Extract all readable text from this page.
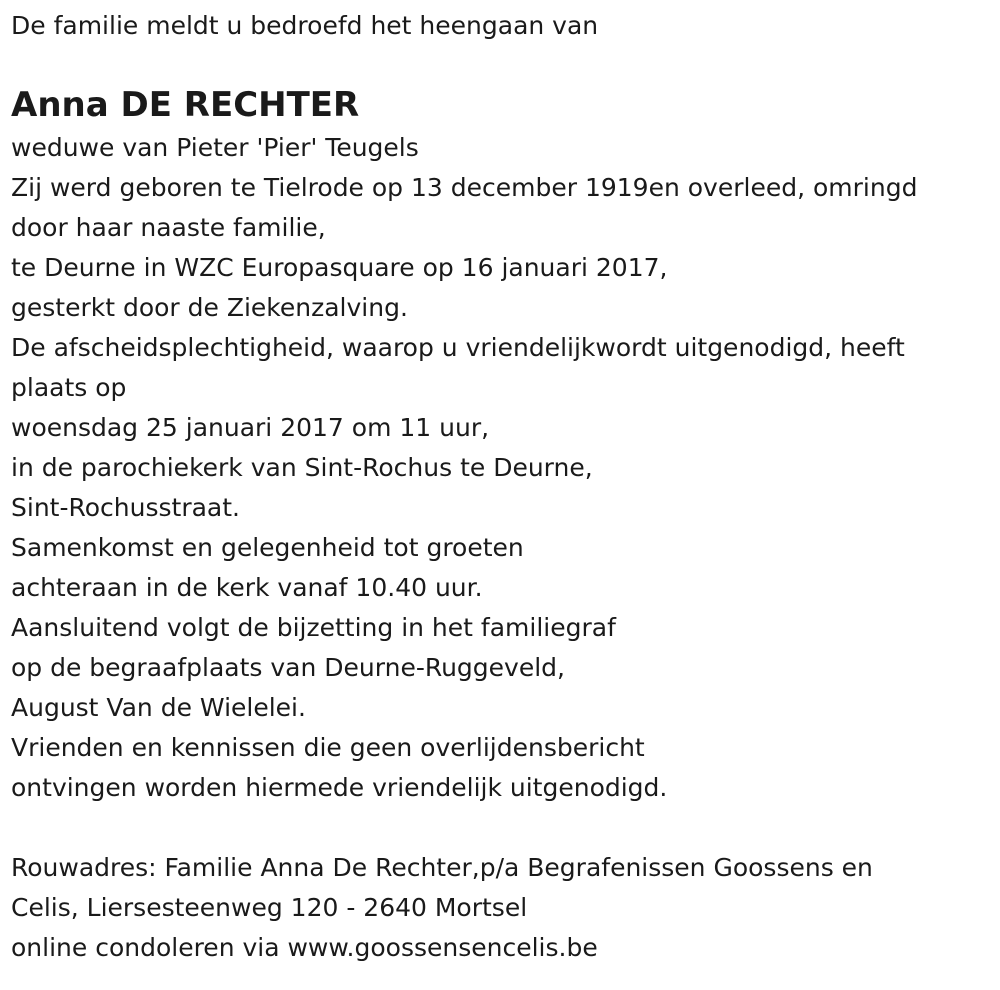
De familie meldt u bedroefd het heengaan van

Anna DE RECHTER
weduwe van Pieter 'Pier' Teugels
Zij werd geboren te Tielrode op 13 december 1919en overleed, omringd
door haar naaste familie,
te Deurne in WZC Europasquare op 16 januari 2017,
gesterkt door de Ziekenzalving.
De afscheidsplechtigheid, waarop u vriendelijkwordt uitgenodigd, heeft
plaats op
woensdag 25 januari 2017 om 11 uur,
in de parochiekerk van Sint-Rochus te Deurne,
Sint-Rochusstraat.
Samenkomst en gelegenheid tot groeten
achteraan in de kerk vanaf 10.40 uur.
Aansluitend volgt de bijzetting in het familiegraf
op de begraafplaats van Deurne-Ruggeveld,
August Van de Wielelei.
Vrienden en kennissen die geen overlijdensbericht
ontvingen worden hiermede vriendelijk uitgenodigd.
Rouwadres: Familie Anna De Rechter,p/a Begrafenissen Goossens en
Celis, Liersesteenweg 120 - 2640 Mortsel
online condoleren via www.goossensencelis.be
